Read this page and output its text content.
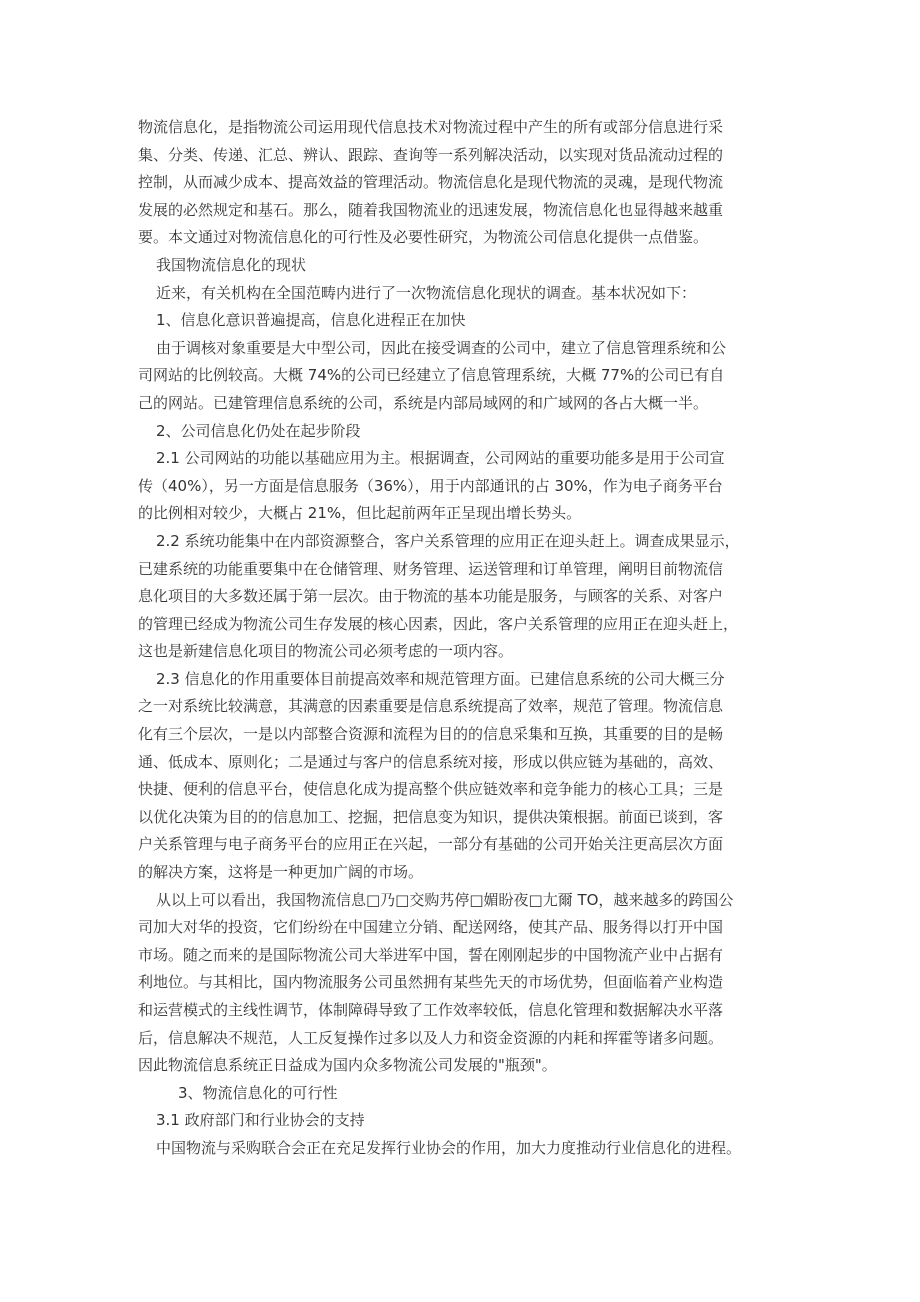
物流信息化，是指物流公司运用现代信息技术对物流过程中产生的所有或部分信息进行采
集、分类、传递、汇总、辨认、跟踪、查询等一系列解决活动，以实现对货品流动过程的
控制，从而减少成本、提高效益的管理活动。物流信息化是现代物流的灵魂，是现代物流
发展的必然规定和基石。那么，随着我国物流业的迅速发展，物流信息化也显得越来越重
要。本文通过对物流信息化的可行性及必要性研究，为物流公司信息化提供一点借鉴。
我国物流信息化的现状
近来，有关机构在全国范畴内进行了一次物流信息化现状的调查。基本状况如下：
1、信息化意识普遍提高，信息化进程正在加快
由于调核对象重要是大中型公司，因此在接受调查的公司中，建立了信息管理系统和公
司网站的比例较高。大概 74%的公司已经建立了信息管理系统，大概 77%的公司已有自
己的网站。已建管理信息系统的公司，系统是内部局域网的和广域网的各占大概一半。
2、公司信息化仍处在起步阶段
2.1 公司网站的功能以基础应用为主。根据调查，公司网站的重要功能多是用于公司宣
传（40%），另一方面是信息服务（36%），用于内部通讯的占 30%，作为电子商务平台
的比例相对较少，大概占 21%，但比起前两年正呈现出增长势头。
2.2 系统功能集中在内部资源整合，客户关系管理的应用正在迎头赶上。调查成果显示，
已建系统的功能重要集中在仓储管理、财务管理、运送管理和订单管理，阐明目前物流信
息化项目的大多数还属于第一层次。由于物流的基本功能是服务，与顾客的关系、对客户
的管理已经成为物流公司生存发展的核心因素，因此，客户关系管理的应用正在迎头赶上，
这也是新建信息化项目的物流公司必须考虑的一项内容。
2.3 信息化的作用重要体目前提高效率和规范管理方面。已建信息系统的公司大概三分
之一对系统比较满意，其满意的因素重要是信息系统提高了效率，规范了管理。物流信息
化有三个层次，一是以内部整合资源和流程为目的的信息采集和互换，其重要的目的是畅
通、低成本、原则化；二是通过与客户的信息系统对接，形成以供应链为基础的，高效、
快捷、便利的信息平台，使信息化成为提高整个供应链效率和竞争能力的核心工具；三是
以优化决策为目的的信息加工、挖掘，把信息变为知识，提供决策根据。前面已谈到，客
户关系管理与电子商务平台的应用正在兴起，一部分有基础的公司开始关注更高层次方面
的解决方案，这将是一种更加广阔的市场。
从以上可以看出，我国物流信息□乃□交购艿停□媚盼夜□尢爾 TO，越来越多的跨国公
司加大对华的投资，它们纷纷在中国建立分销、配送网络，使其产品、服务得以打开中国
市场。随之而来的是国际物流公司大举进军中国，誓在刚刚起步的中国物流产业中占据有
利地位。与其相比，国内物流服务公司虽然拥有某些先天的市场优势，但面临着产业构造
和运营模式的主线性调节，体制障碍导致了工作效率较低，信息化管理和数据解决水平落
后，信息解决不规范，人工反复操作过多以及人力和资金资源的内耗和挥霍等诸多问题。
因此物流信息系统正日益成为国内众多物流公司发展的"瓶颈"。
3、物流信息化的可行性
3.1 政府部门和行业协会的支持
中国物流与采购联合会正在充足发挥行业协会的作用，加大力度推动行业信息化的进程。
